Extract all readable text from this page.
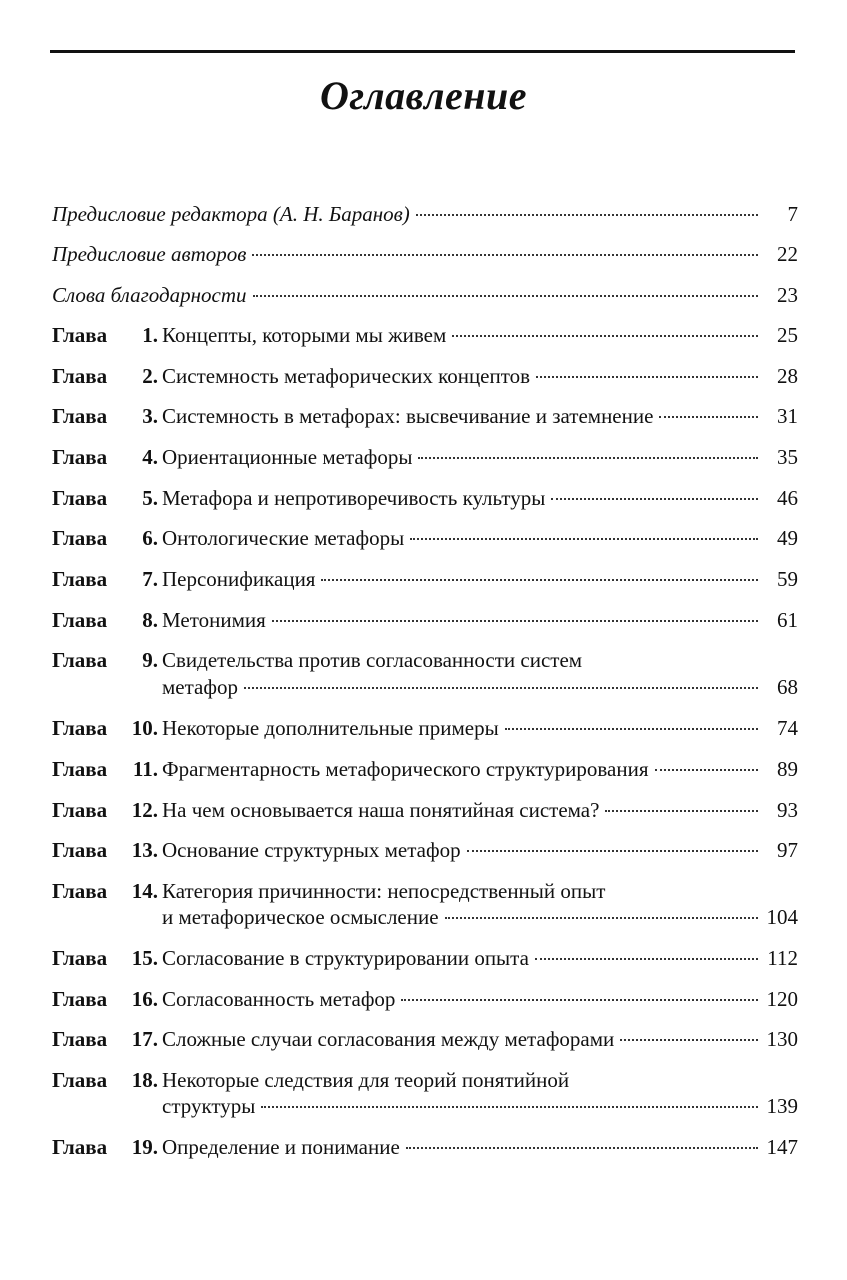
Оглавление
Предисловие редактора (А. Н. Баранов)	7
Предисловие авторов	22
Слова благодарности	23
Глава 1. Концепты, которыми мы живем	25
Глава 2. Системность метафорических концептов	28
Глава 3. Системность в метафорах: высвечивание и затемнение	31
Глава 4. Ориентационные метафоры	35
Глава 5. Метафора и непротиворечивость культуры	46
Глава 6. Онтологические метафоры	49
Глава 7. Персонификация	59
Глава 8. Метонимия	61
Глава 9. Свидетельства против согласованности систем
метафор	68
Глава 10. Некоторые дополнительные примеры	74
Глава 11. Фрагментарность метафорического структурирования	89
Глава 12. На чем основывается наша понятийная система?	93
Глава 13. Основание структурных метафор	97
Глава 14. Категория причинности: непосредственный опыт
и метафорическое осмысление	104
Глава 15. Согласование в структурировании опыта	112
Глава 16. Согласованность метафор	120
Глава 17. Сложные случаи согласования между метафорами	130
Глава 18. Некоторые следствия для теорий понятийной
структуры	139
Глава 19. Определение и понимание	147
